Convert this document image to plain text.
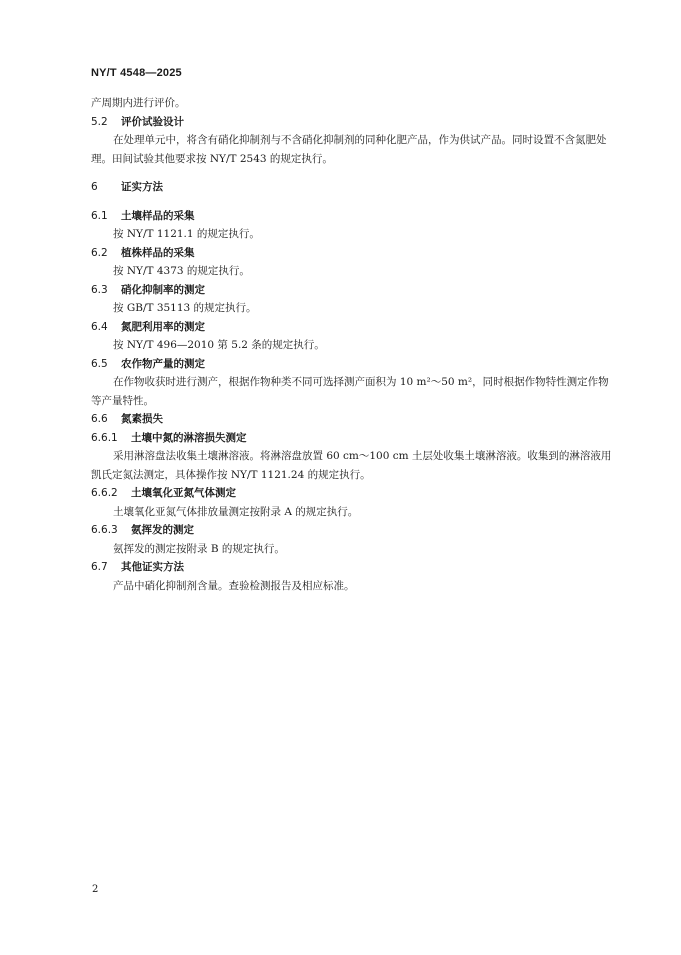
NY/T 4548—2025
产周期内进行评价。
5.2 评价试验设计
在处理单元中，将含有硝化抑制剂与不含硝化抑制剂的同种化肥产品，作为供试产品。同时设置不含氮肥处理。田间试验其他要求按 NY/T 2543 的规定执行。
6 证实方法
6.1 土壤样品的采集
按 NY/T 1121.1 的规定执行。
6.2 植株样品的采集
按 NY/T 4373 的规定执行。
6.3 硝化抑制率的测定
按 GB/T 35113 的规定执行。
6.4 氮肥利用率的测定
按 NY/T 496—2010 第 5.2 条的规定执行。
6.5 农作物产量的测定
在作物收获时进行测产，根据作物种类不同可选择测产面积为 10 m²～50 m²，同时根据作物特性测定作物等产量特性。
6.6 氮素损失
6.6.1 土壤中氮的淋溶损失测定
采用淋溶盘法收集土壤淋溶液。将淋溶盘放置 60 cm～100 cm 土层处收集土壤淋溶液。收集到的淋溶液用凯氏定氮法测定，具体操作按 NY/T 1121.24 的规定执行。
6.6.2 土壤氧化亚氮气体测定
土壤氧化亚氮气体排放量测定按附录 A 的规定执行。
6.6.3 氨挥发的测定
氨挥发的测定按附录 B 的规定执行。
6.7 其他证实方法
产品中硝化抑制剂含量。查验检测报告及相应标准。
2
